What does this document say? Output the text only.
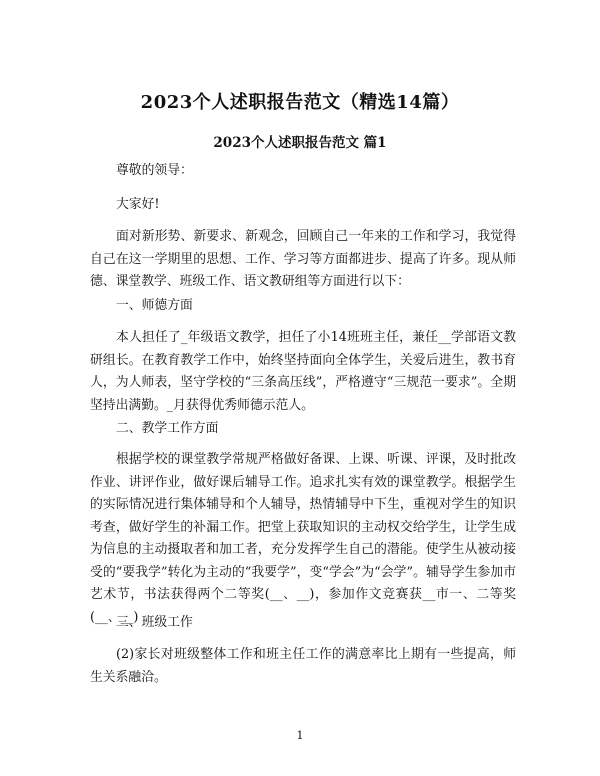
2023个人述职报告范文（精选14篇）
2023个人述职报告范文 篇1

尊敬的领导：

大家好!

面对新形势、新要求、新观念，回顾自己一年来的工作和学习，我觉得自己在这一学期里的思想、工作、学习等方面都进步、提高了许多。现从师德、课堂教学、班级工作、语文教研组等方面进行以下：

一、师德方面

本人担任了_年级语文教学，担任了小14班班主任，兼任__学部语文教研组长。在教育教学工作中，始终坚持面向全体学生，关爱后进生，教书育人，为人师表，坚守学校的“三条高压线”，严格遵守“三规范一要求”。全期坚持出满勤。_月获得优秀师德示范人。

二、教学工作方面

根据学校的课堂教学常规严格做好备课、上课、听课、评课，及时批改作业、讲评作业，做好课后辅导工作。追求扎实有效的课堂教学。根据学生的实际情况进行集体辅导和个人辅导，热情辅导中下生，重视对学生的知识考查，做好学生的补漏工作。把堂上获取知识的主动权交给学生，让学生成为信息的主动摄取者和加工者，充分发挥学生自己的潜能。使学生从被动接受的“要我学”转化为主动的“我要学”，变“学会”为“会学”。辅导学生参加市艺术节，书法获得两个二等奖(__、__)，参加作文竞赛获__市一、二等奖(__、__)

三、班级工作

(2)家长对班级整体工作和班主任工作的满意率比上期有一些提高，师生关系融洽。

1
